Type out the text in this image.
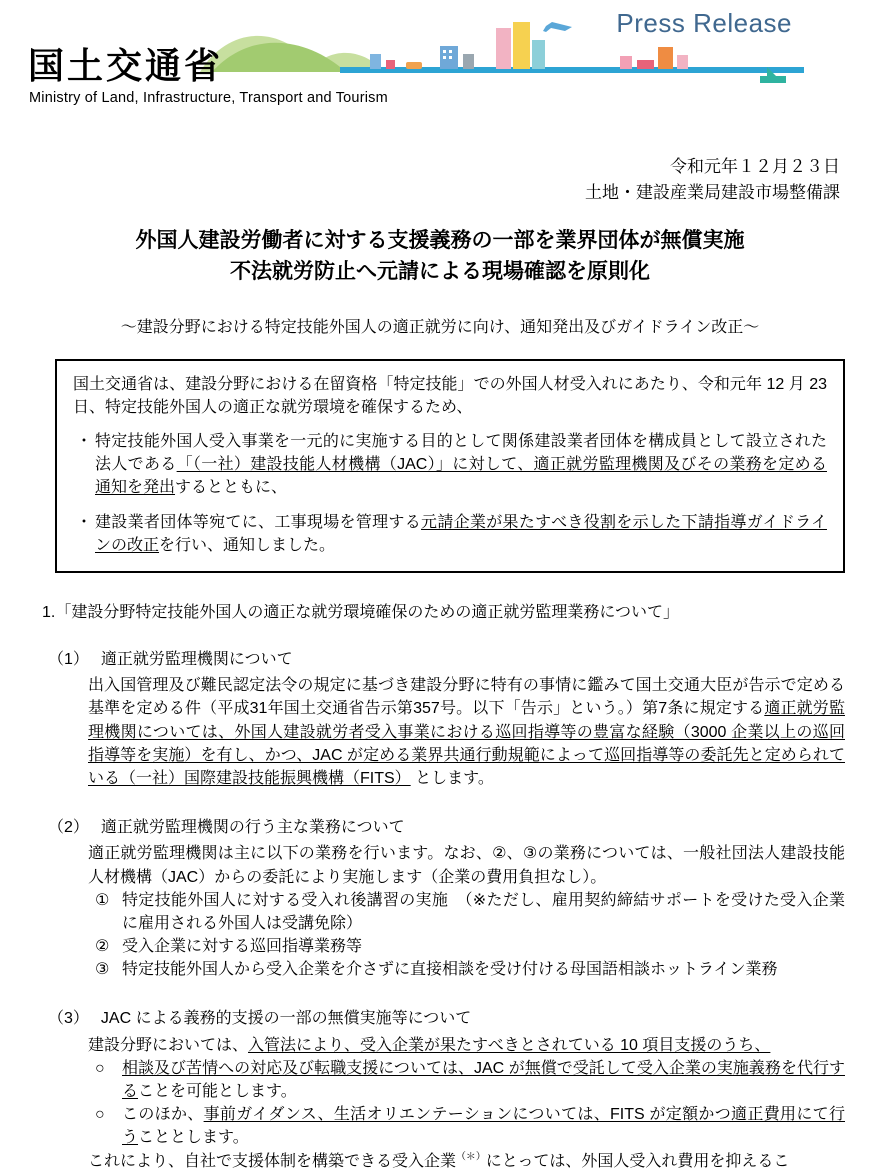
国土交通省
Ministry of Land, Infrastructure, Transport and Tourism
Press Release
令和元年１２月２３日
土地・建設産業局建設市場整備課
外国人建設労働者に対する支援義務の一部を業界団体が無償実施
不法就労防止へ元請による現場確認を原則化
～建設分野における特定技能外国人の適正就労に向け、通知発出及びガイドライン改正～

国土交通省は、建設分野における在留資格「特定技能」での外国人材受入れにあたり、令和元年 12 月 23 日、特定技能外国人の適正な就労環境を確保するため、

・ 特定技能外国人受入事業を一元的に実施する目的として関係建設業者団体を構成員として設立された法人である「（一社）建設技能人材機構（JAC）」に対して、適正就労監理機関及びその業務を定める通知を発出するとともに、

・ 建設業者団体等宛てに、工事現場を管理する元請企業が果たすべき役割を示した下請指導ガイドラインの改正を行い、通知しました。

1.「建設分野特定技能外国人の適正な就労環境確保のための適正就労監理業務について」
（1） 適正就労監理機関について

出入国管理及び難民認定法令の規定に基づき建設分野に特有の事情に鑑みて国土交通大臣が告示で定める基準を定める件（平成31年国土交通省告示第357号。以下「告示」という。）第7条に規定する適正就労監理機関については、外国人建設就労者受入事業における巡回指導等の豊富な経験（3000 企業以上の巡回指導等を実施）を有し、かつ、JAC が定める業界共通行動規範によって巡回指導等の委託先と定められている（一社）国際建設技能振興機構（FITS） とします。

（2） 適正就労監理機関の行う主な業務について

適正就労監理機関は主に以下の業務を行います。なお、②、③の業務については、一般社団法人建設技能人材機構（JAC）からの委託により実施します（企業の費用負担なし）。

① 特定技能外国人に対する受入れ後講習の実施　（※ただし、雇用契約締結サポートを受けた受入企業に雇用される外国人は受講免除）

② 受入企業に対する巡回指導業務等

③ 特定技能外国人から受入企業を介さずに直接相談を受け付ける母国語相談ホットライン業務

（3） JAC による義務的支援の一部の無償実施等について

建設分野においては、入管法により、受入企業が果たすべきとされている 10 項目支援のうち、

○	相談及び苦情への対応及び転職支援については、JAC が無償で受託して受入企業の実施義務を代行することを可能とします。

○	このほか、事前ガイダンス、生活オリエンテーションについては、FITS が定額かつ適正費用にて行うこととします。

これにより、自社で支援体制を構築できる受入企業（＊）にとっては、外国人受入れ費用を抑えるこ
